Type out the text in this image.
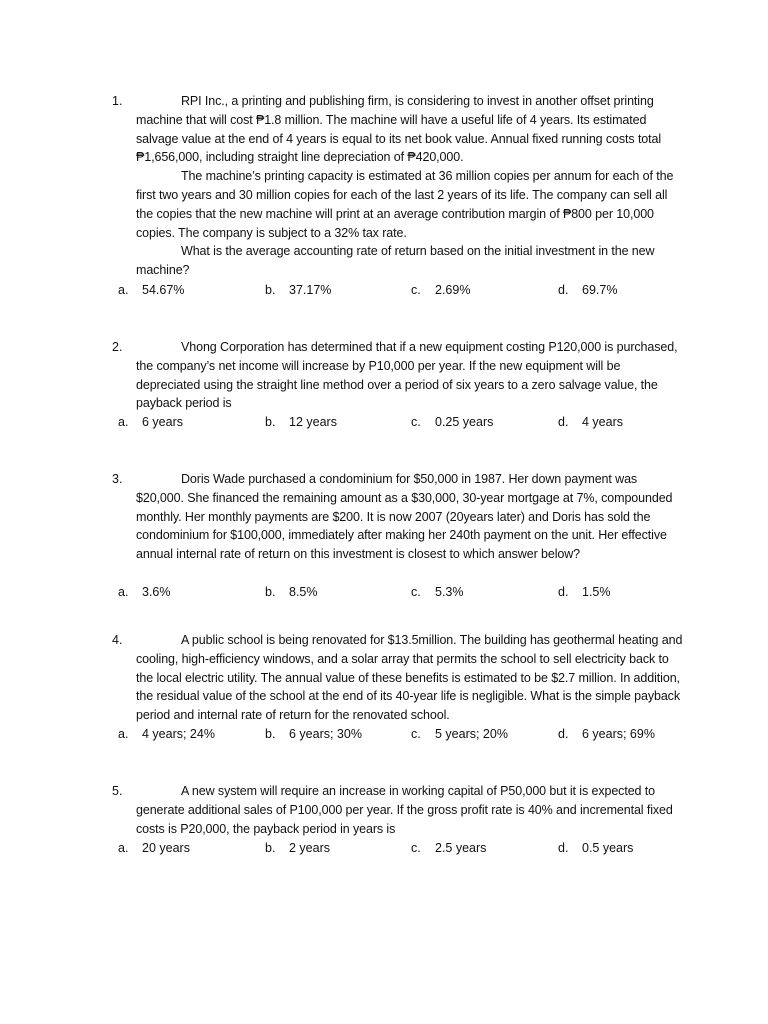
1.	RPI Inc., a printing and publishing firm, is considering to invest in another offset printing machine that will cost ₱1.8 million. The machine will have a useful life of 4 years. Its estimated salvage value at the end of 4 years is equal to its net book value. Annual fixed running costs total ₱1,656,000, including straight line depreciation of ₱420,000.

The machine’s printing capacity is estimated at 36 million copies per annum for each of the first two years and 30 million copies for each of the last 2 years of its life. The company can sell all the copies that the new machine will print at an average contribution margin of ₱800 per 10,000 copies. The company is subject to a 32% tax rate.

What is the average accounting rate of return based on the initial investment in the new machine?

a. 54.67%	b. 37.17%	c. 2.69%	d. 69.7%
2.	Vhong Corporation has determined that if a new equipment costing P120,000 is purchased, the company’s net income will increase by P10,000 per year. If the new equipment will be depreciated using the straight line method over a period of six years to a zero salvage value, the payback period is

a. 6 years	b. 12 years	c. 0.25 years	d. 4 years
3.	Doris Wade purchased a condominium for $50,000 in 1987. Her down payment was $20,000. She financed the remaining amount as a $30,000, 30-year mortgage at 7%, compounded monthly. Her monthly payments are $200. It is now 2007 (20years later) and Doris has sold the condominium for $100,000, immediately after making her 240th payment on the unit. Her effective annual internal rate of return on this investment is closest to which answer below?

a. 3.6%	b. 8.5%	c. 5.3%	d. 1.5%
4.	A public school is being renovated for $13.5million. The building has geothermal heating and cooling, high-efficiency windows, and a solar array that permits the school to sell electricity back to the local electric utility. The annual value of these benefits is estimated to be $2.7 million. In addition, the residual value of the school at the end of its 40-year life is negligible. What is the simple payback period and internal rate of return for the renovated school.

a. 4 years; 24%	b. 6 years; 30%	c. 5 years; 20%	d. 6 years; 69%
5.	A new system will require an increase in working capital of P50,000 but it is expected to generate additional sales of P100,000 per year. If the gross profit rate is 40% and incremental fixed costs is P20,000, the payback period in years is

a. 20 years	b. 2 years	c. 2.5 years	d. 0.5 years
